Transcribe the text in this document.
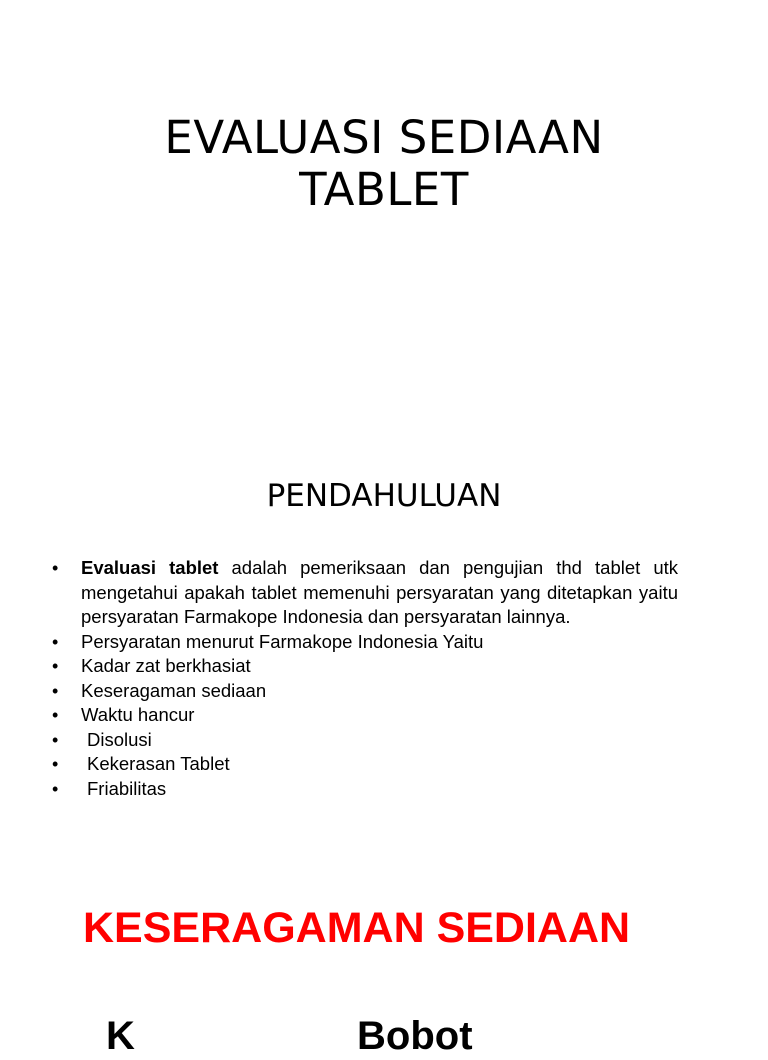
EVALUASI SEDIAAN
TABLET
PENDAHULUAN
• Evaluasi tablet adalah pemeriksaan dan pengujian thd tablet utk mengetahui apakah tablet memenuhi persyaratan yang ditetapkan yaitu persyaratan Farmakope Indonesia dan persyaratan lainnya.
• Persyaratan menurut Farmakope Indonesia Yaitu
• Kadar zat berkhasiat
• Keseragaman sediaan
• Waktu hancur
• Disolusi
• Kekerasan Tablet
• Friabilitas
KESERAGAMAN SEDIAAN
K	Bobot
